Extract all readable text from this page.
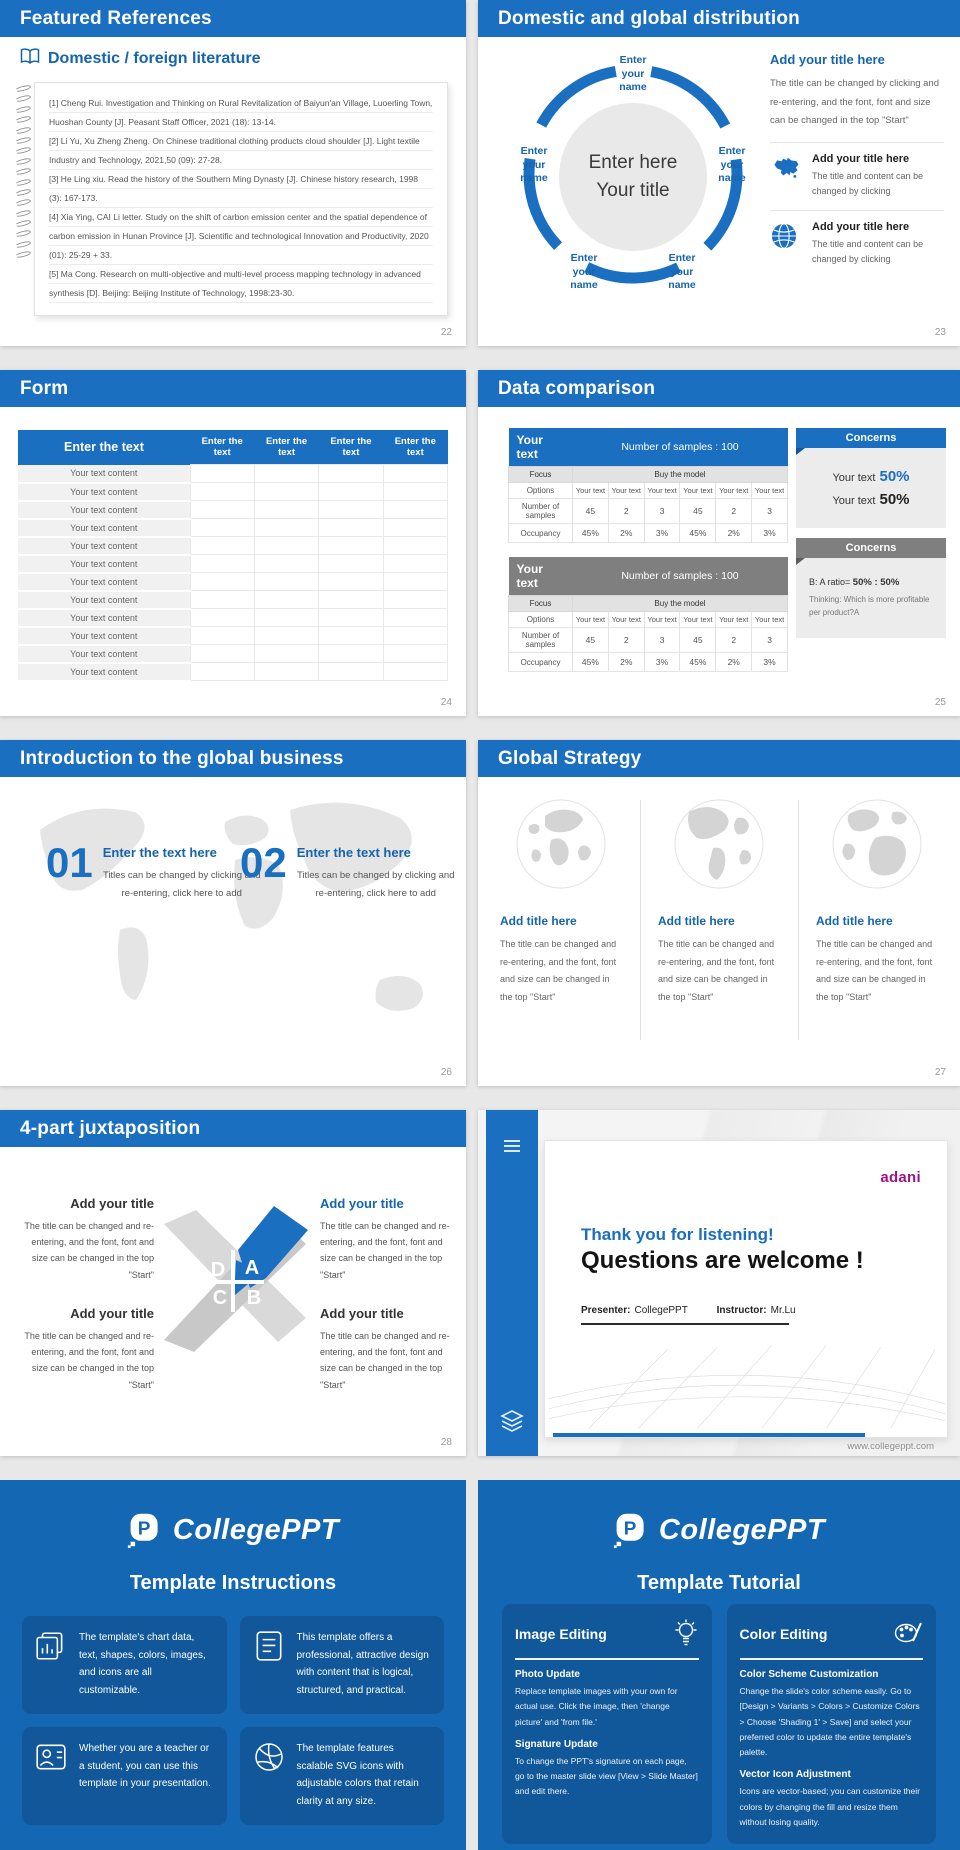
Featured References
Domestic / foreign literature

[1] Cheng Rui. Investigation and Thinking on Rural Revitalization of Baiyun'an Village, Luoerling Town, Huoshan County [J]. Peasant Staff Officer, 2021 (18): 13-14.

[2] Li Yu, Xu Zheng Zheng. On Chinese traditional clothing products cloud shoulder [J]. Light textile Industry and Technology, 2021,50 (09): 27-28.

[3] He Ling xiu. Read the history of the Southern Ming Dynasty [J]. Chinese history research, 1998 (3): 167-173.

[4] Xia Ying, CAI Li letter. Study on the shift of carbon emission center and the spatial dependence of carbon emission in Hunan Province [J]. Scientific and technological Innovation and Productivity, 2020 (01): 25-29 + 33.

[5] Ma Cong. Research on multi-objective and multi-level process mapping technology in advanced synthesis [D]. Beijing: Beijing Institute of Technology, 1998:23-30.

22
Domestic and global distribution
Enter here
Your title
Enter your name
Enter your name
Enter your name
Enter your name
Enter your name
Add your title here
The title can be changed by clicking and re-entering, and the font, font and size can be changed in the top "Start"
Add your title here
The title and content can be changed by clicking
Add your title here
The title and content can be changed by clicking
23
Form
Enter the text	Enter the text	Enter the text	Enter the text	Enter the text
Your text content				
Your text content				
Your text content				
Your text content				
Your text content				
Your text content				
Your text content				
Your text content				
Your text content				
Your text content				
Your text content				
Your text content				
24
Data comparison
Your text	Number of samples : 100					
Focus	Buy the model					
Options	Your text	Your text	Your text	Your text	Your text	Your text
Number of samples	45	2	3	45	2	3
Occupancy	45%	2%	3%	45%	2%	3%
Your text	Number of samples : 100					
Focus	Buy the model					
Options	Your text	Your text	Your text	Your text	Your text	Your text
Number of samples	45	2	3	45	2	3
Occupancy	45%	2%	3%	45%	2%	3%
Concerns
Your text 50%
Your text 50%
Concerns
B: A ratio= 50% : 50%
Thinking: Which is more profitable per product?A
25
Introduction to the global business
01 Enter the text here
Titles can be changed by clicking and re-entering, click here to add
02 Enter the text here
Titles can be changed by clicking and re-entering, click here to add
26
Global Strategy
Add title here
The title can be changed and re-entering, and the font, font and size can be changed in the top "Start"
Add title here
The title can be changed and re-entering, and the font, font and size can be changed in the top "Start"
Add title here
The title can be changed and re-entering, and the font, font and size can be changed in the top "Start"
27
4-part juxtaposition
Add your title
The title can be changed and re-entering, and the font, font and size can be changed in the top "Start"
Add your title
The title can be changed and re-entering, and the font, font and size can be changed in the top "Start"
Add your title
The title can be changed and re-entering, and the font, font and size can be changed in the top "Start"
Add your title
The title can be changed and re-entering, and the font, font and size can be changed in the top "Start"
D A
C B
28
adani
Thank you for listening!
Questions are welcome !
Presenter: CollegePPT	Instructor: Mr.Lu
www.collegeppt.com
P CollegePPT
Template Instructions
The template's chart data, text, shapes, colors, images, and icons are all customizable.
This template offers a professional, attractive design with content that is logical, structured, and practical.
Whether you are a teacher or a student, you can use this template in your presentation.
The template features scalable SVG icons with adjustable colors that retain clarity at any size.
P CollegePPT
Template Tutorial
Image Editing
Photo Update
Replace template images with your own for actual use. Click the image, then 'change picture' and 'from file.'
Signature Update
To change the PPT's signature on each page, go to the master slide view [View > Slide Master] and edit there.
Color Editing
Color Scheme Customization
Change the slide's color scheme easily. Go to [Design > Variants > Colors > Customize Colors > Choose 'Shading 1' > Save] and select your preferred color to update the entire template's palette.
Vector Icon Adjustment
Icons are vector-based; you can customize their colors by changing the fill and resize them without losing quality.
